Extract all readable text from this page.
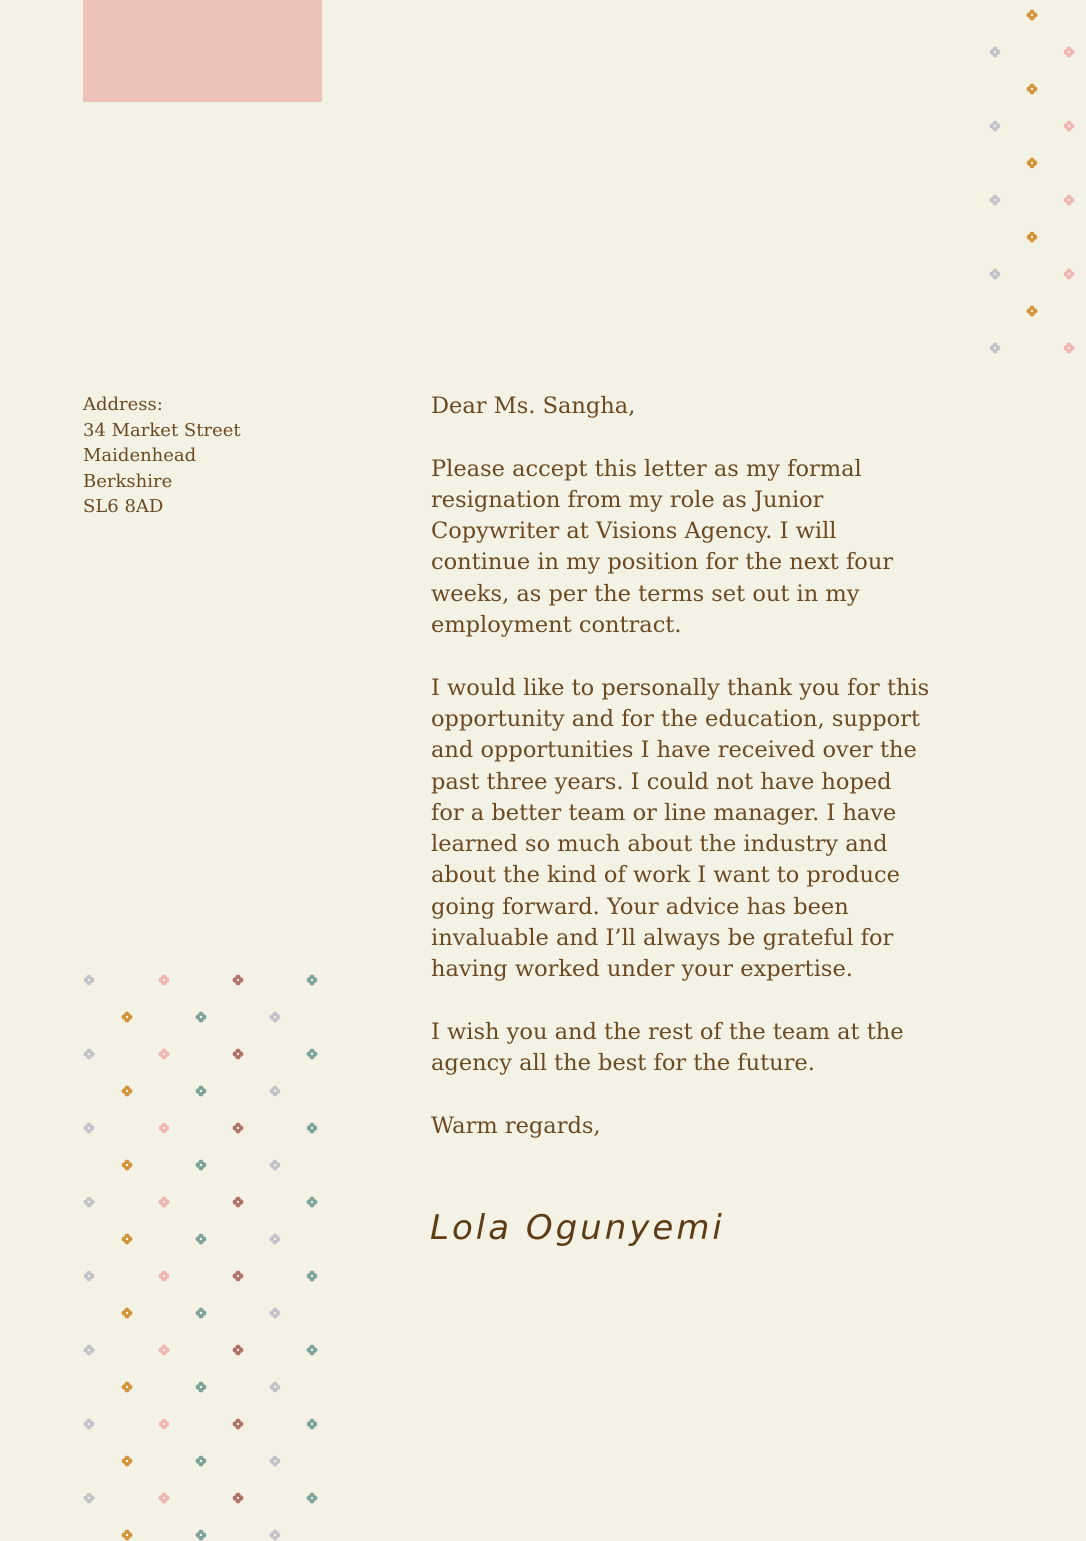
Address:
34 Market Street
Maidenhead
Berkshire
SL6 8AD

Dear Ms. Sangha,

Please accept this letter as my formal resignation from my role as Junior Copywriter at Visions Agency. I will continue in my position for the next four weeks, as per the terms set out in my employment contract.

I would like to personally thank you for this opportunity and for the education, support and opportunities I have received over the past three years. I could not have hoped for a better team or line manager. I have learned so much about the industry and about the kind of work I want to produce going forward. Your advice has been invaluable and I’ll always be grateful for having worked under your expertise.

I wish you and the rest of the team at the agency all the best for the future.

Warm regards,

Lola Ogunyemi
